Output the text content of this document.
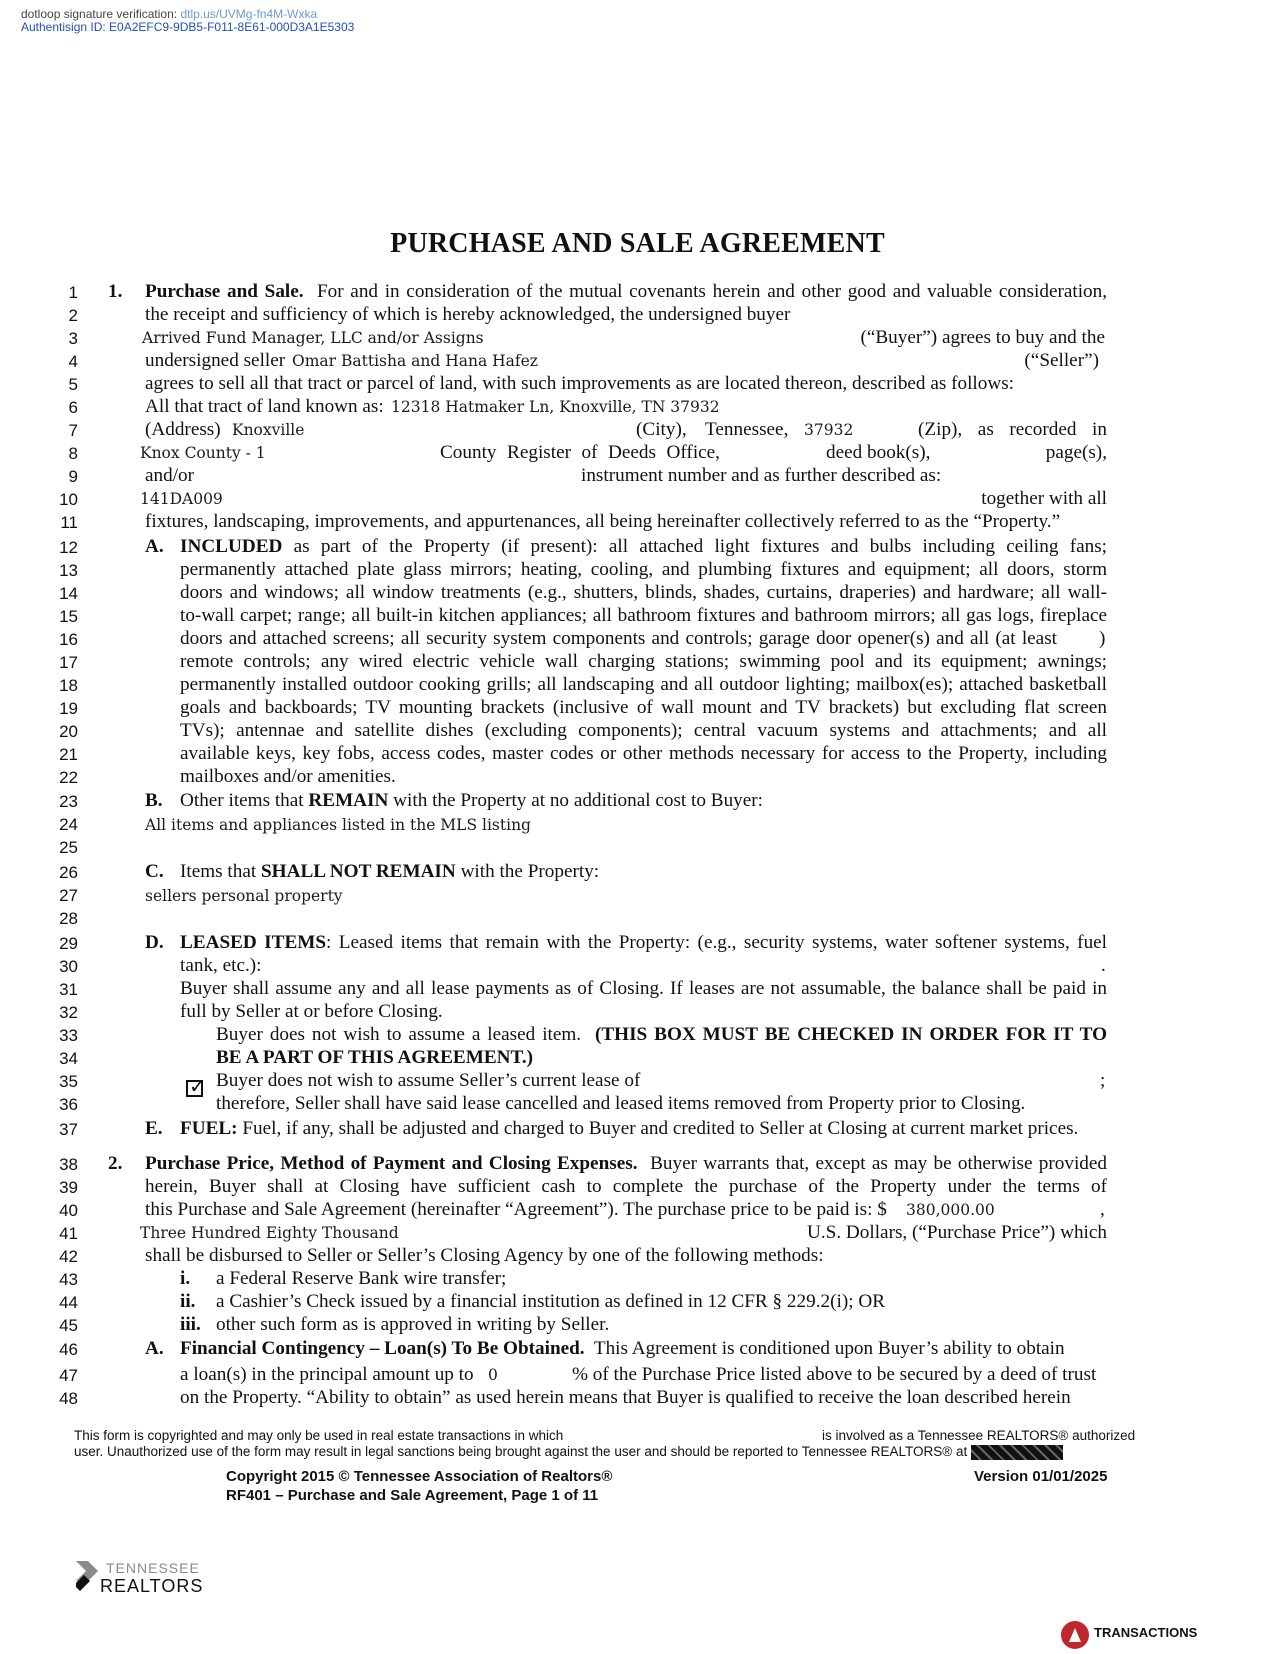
dotloop signature verification: dtlp.us/UVMg-fn4M-Wxka
Authentisign ID: E0A2EFC9-9DB5-F011-8E61-000D3A1E5303
PURCHASE AND SALE AGREEMENT
1
2
3
4
5
6
7
8
9
10
11
12
13
14
15
16
17
18
19
20
21
22
23
24
25
26
27
28
29
30
31
32
33
34
35
36
37
38
39
40
41
42
43
44
45
46
47
48
1. Purchase and Sale. For and in consideration of the mutual covenants herein and other good and valuable consideration,
the receipt and sufficiency of which is hereby acknowledged, the undersigned buyer
Arrived Fund Manager, LLC and/or Assigns	(“Buyer”) agrees to buy and the
undersigned seller Omar Battisha and Hana Hafez	(“Seller”)
agrees to sell all that tract or parcel of land, with such improvements as are located thereon, described as follows:
All that tract of land known as: 12318 Hatmaker Ln, Knoxville, TN 37932
(Address) Knoxville	(City), Tennessee, 37932	(Zip), as recorded in
Knox County - 1	County Register of Deeds Office,	deed book(s),	page(s),
and/or	instrument number and as further described as:
141DA009	together with all
fixtures, landscaping, improvements, and appurtenances, all being hereinafter collectively referred to as the “Property.”
A. INCLUDED as part of the Property (if present): all attached light fixtures and bulbs including ceiling fans;
permanently attached plate glass mirrors; heating, cooling, and plumbing fixtures and equipment; all doors, storm
doors and windows; all window treatments (e.g., shutters, blinds, shades, curtains, draperies) and hardware; all wall-
to-wall carpet; range; all built-in kitchen appliances; all bathroom fixtures and bathroom mirrors; all gas logs, fireplace
doors and attached screens; all security system components and controls; garage door opener(s) and all (at least )
remote controls; any wired electric vehicle wall charging stations; swimming pool and its equipment; awnings;
permanently installed outdoor cooking grills; all landscaping and all outdoor lighting; mailbox(es); attached basketball
goals and backboards; TV mounting brackets (inclusive of wall mount and TV brackets) but excluding flat screen
TVs); antennae and satellite dishes (excluding components); central vacuum systems and attachments; and all
available keys, key fobs, access codes, master codes or other methods necessary for access to the Property, including
mailboxes and/or amenities.
B. Other items that REMAIN with the Property at no additional cost to Buyer:
All items and appliances listed in the MLS listing
C. Items that SHALL NOT REMAIN with the Property:
sellers personal property
D. LEASED ITEMS: Leased items that remain with the Property: (e.g., security systems, water softener systems, fuel
tank, etc.):	.
Buyer shall assume any and all lease payments as of Closing. If leases are not assumable, the balance shall be paid in
full by Seller at or before Closing.
✓
Buyer does not wish to assume a leased item. (THIS BOX MUST BE CHECKED IN ORDER FOR IT TO
BE A PART OF THIS AGREEMENT.)
Buyer does not wish to assume Seller’s current lease of	;
therefore, Seller shall have said lease cancelled and leased items removed from Property prior to Closing.
E. FUEL: Fuel, if any, shall be adjusted and charged to Buyer and credited to Seller at Closing at current market prices.
2. Purchase Price, Method of Payment and Closing Expenses. Buyer warrants that, except as may be otherwise provided
herein, Buyer shall at Closing have sufficient cash to complete the purchase of the Property under the terms of
this Purchase and Sale Agreement (hereinafter “Agreement”). The purchase price to be paid is: $ 380,000.00	,
Three Hundred Eighty Thousand	U.S. Dollars, (“Purchase Price”) which
shall be disbursed to Seller or Seller’s Closing Agency by one of the following methods:
i. a Federal Reserve Bank wire transfer;
ii. a Cashier’s Check issued by a financial institution as defined in 12 CFR § 229.2(i); OR
iii. other such form as is approved in writing by Seller.
A. Financial Contingency – Loan(s) To Be Obtained. This Agreement is conditioned upon Buyer’s ability to obtain
a loan(s) in the principal amount up to 0	% of the Purchase Price listed above to be secured by a deed of trust
on the Property. “Ability to obtain” as used herein means that Buyer is qualified to receive the loan described herein
This form is copyrighted and may only be used in real estate transactions in which	is involved as a Tennessee REALTORS® authorized
user. Unauthorized use of the form may result in legal sanctions being brought against the user and should be reported to Tennessee REALTORS® at
TENNESSEE
REALTORS
Copyright 2015 © Tennessee Association of Realtors®
RF401 – Purchase and Sale Agreement, Page 1 of 11
Version 01/01/2025
TRANSACTIONS
